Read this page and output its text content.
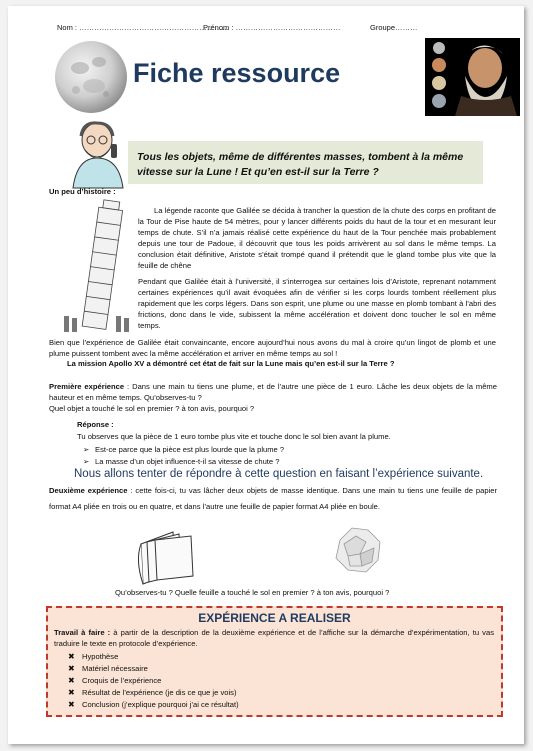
Nom : ……………………………………………………
Prénom : ……………………………………	Groupe………
Fiche ressource
Tous les objets, même de différentes masses, tombent à la même vitesse sur la Lune ! Et qu’en est-il sur la Terre ?
Un peu d’histoire :
La légende raconte que Galilée se décida à trancher la question de la chute des corps en profitant de la Tour de Pise haute de 54 mètres, pour y lancer différents poids du haut de la tour et en mesurant leur temps de chute. S’il n’a jamais réalisé cette expérience du haut de la Tour penchée mais probablement depuis une tour de Padoue, il découvrit que tous les poids arrivèrent au sol dans le même temps. La conclusion était définitive, Aristote s’était trompé quand il prétendit que le gland tombe plus vite que la feuille de chêne
Pendant que Galilée était à l’université, il s’interrogea sur certaines lois d’Aristote, reprenant notamment certaines expériences qu’il avait évoquées afin de vérifier si les corps lourds tombent réellement plus rapidement que les corps légers. Dans son esprit, une plume ou une masse en plomb tombant à l’abri des frictions, donc dans le vide, subissent la même accélération et doivent donc toucher le sol en même temps.
Bien que l’expérience de Galilée était convaincante, encore aujourd’hui nous avons du mal à croire qu’un lingot de plomb et une plume puissent tombent avec la même accélération et arriver en même temps au sol !
La mission Apollo XV a démontré cet état de fait sur la Lune mais qu’en est-il sur la Terre ?
Première expérience : Dans une main tu tiens une plume, et de l’autre une pièce de 1 euro. Lâche les deux objets de la même hauteur et en même temps. Qu’observes-tu ?
Quel objet a touché le sol en premier ? à ton avis, pourquoi ?
Réponse :
Tu observes que la pièce de 1 euro tombe plus vite et touche donc le sol bien avant la plume.
➢ Est-ce parce que la pièce est plus lourde que la plume ?
➢ La masse d’un objet influence-t-il sa vitesse de chute ?
Nous allons tenter de répondre à cette question en faisant l’expérience suivante.
Deuxième expérience : cette fois-ci, tu vas lâcher deux objets de masse identique. Dans une main tu tiens une feuille de papier format A4 pliée en trois ou en quatre, et dans l’autre une feuille de papier format A4 pliée en boule.
Qu’observes-tu ? Quelle feuille a touché le sol en premier ? à ton avis, pourquoi ?
EXPÉRIENCE A REALISER
Travail à faire : à partir de la description de la deuxième expérience et de l’affiche sur la démarche d’expérimentation, tu vas traduire le texte en protocole d’expérience.
✖ Hypothèse
✖ Matériel nécessaire
✖ Croquis de l’expérience
✖ Résultat de l’expérience (je dis ce que je vois)
✖ Conclusion (j’explique pourquoi j’ai ce résultat)
